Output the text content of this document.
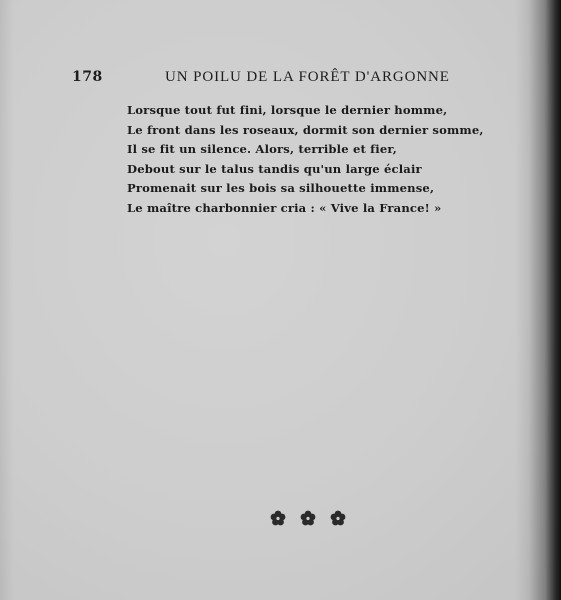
178	UN POILU DE LA FORÊT D'ARGONNE
Lorsque tout fut fini, lorsque le dernier homme,
Le front dans les roseaux, dormit son dernier somme,
Il se fit un silence. Alors, terrible et fier,
Debout sur le talus tandis qu'un large éclair
Promenait sur les bois sa silhouette immense,
Le maître charbonnier cria : « Vive la France! »
